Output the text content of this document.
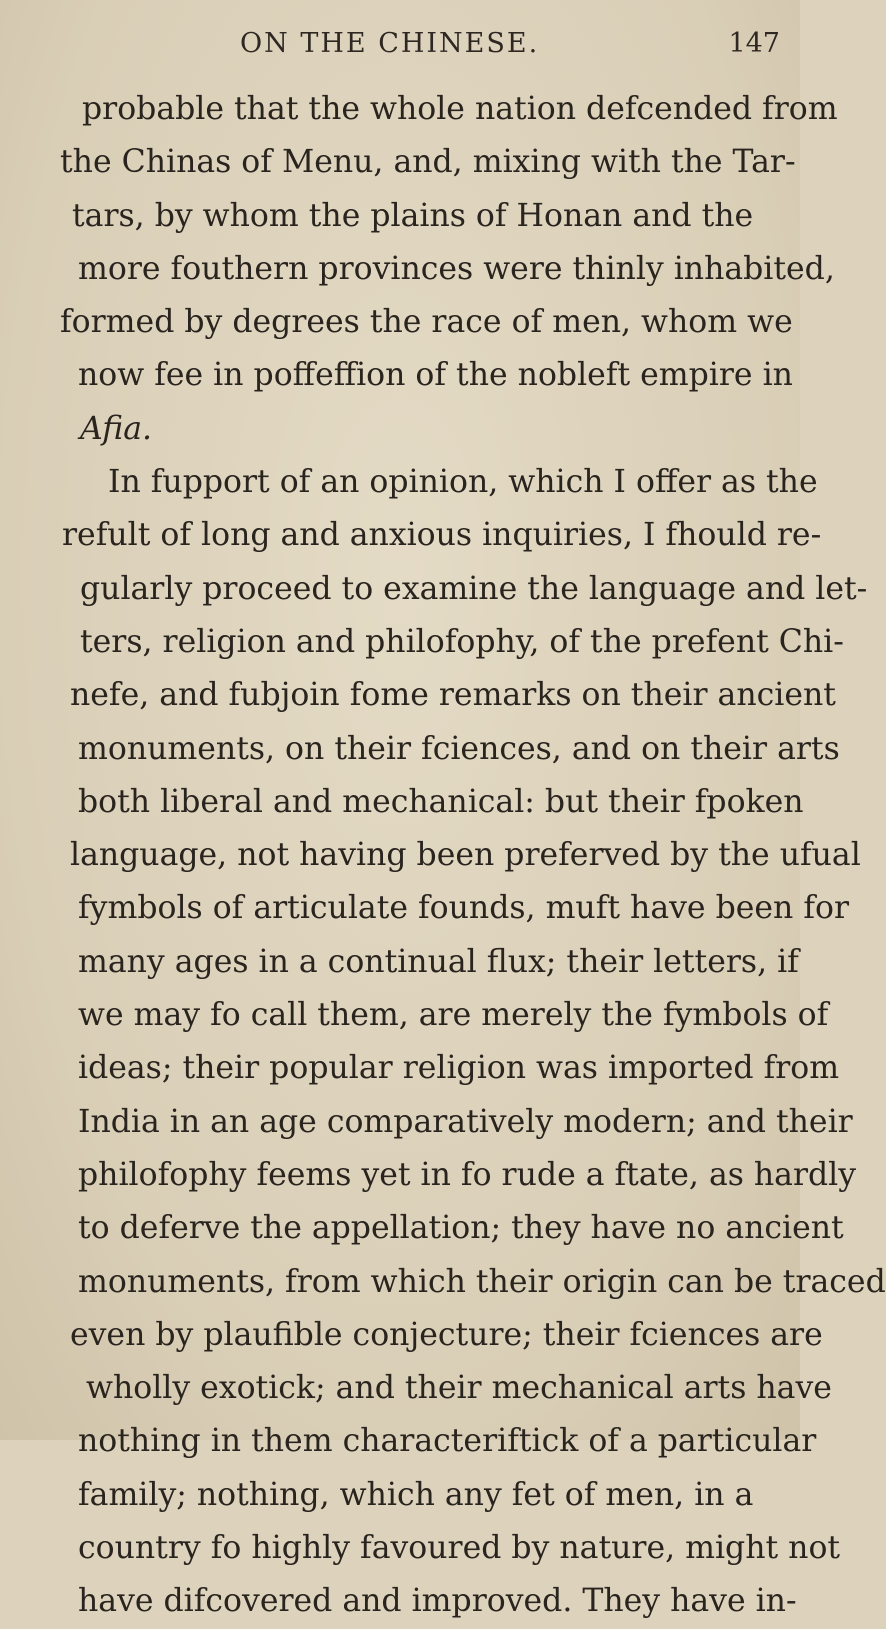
ON THE CHINESE.	147
probable that the whole nation defcended from
the Chinas of Menu, and, mixing with the Tar-
tars, by whom the plains of Honan and the
more fouthern provinces were thinly inhabited,
formed by degrees the race of men, whom we
now fee in poffeffion of the nobleft empire in
Afia.
In fupport of an opinion, which I offer as the
refult of long and anxious inquiries, I fhould re-
gularly proceed to examine the language and let-
ters, religion and philofophy, of the prefent Chi-
nefe, and fubjoin fome remarks on their ancient
monuments, on their fciences, and on their arts
both liberal and mechanical: but their fpoken
language, not having been preferved by the ufual
fymbols of articulate founds, muft have been for
many ages in a continual flux; their letters, if
we may fo call them, are merely the fymbols of
ideas; their popular religion was imported from
India in an age comparatively modern; and their
philofophy feems yet in fo rude a ftate, as hardly
to deferve the appellation; they have no ancient
monuments, from which their origin can be traced
even by plaufible conjecture; their fciences are
wholly exotick; and their mechanical arts have
nothing in them characteriftick of a particular
family; nothing, which any fet of men, in a
country fo highly favoured by nature, might not
have difcovered and improved. They have in-
